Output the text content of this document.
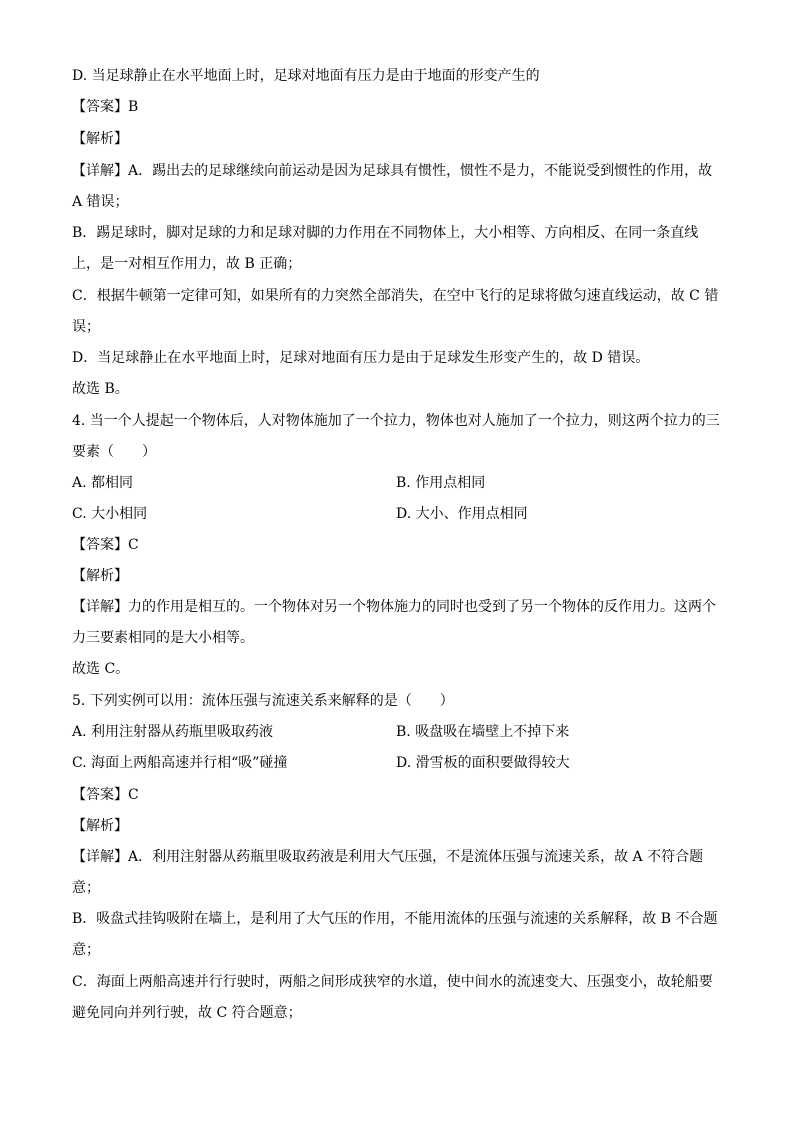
D. 当足球静止在水平地面上时，足球对地面有压力是由于地面的形变产生的
【答案】B
【解析】
【详解】A．踢出去的足球继续向前运动是因为足球具有惯性，惯性不是力，不能说受到惯性的作用，故
A 错误；
B．踢足球时，脚对足球的力和足球对脚的力作用在不同物体上，大小相等、方向相反、在同一条直线
上，是一对相互作用力，故 B 正确；
C．根据牛顿第一定律可知，如果所有的力突然全部消失，在空中飞行的足球将做匀速直线运动，故 C 错
误；
D．当足球静止在水平地面上时，足球对地面有压力是由于足球发生形变产生的，故 D 错误。
故选 B。
4. 当一个人提起一个物体后，人对物体施加了一个拉力，物体也对人施加了一个拉力，则这两个拉力的三
要素（　　）
A. 都相同	B. 作用点相同
C. 大小相同	D. 大小、作用点相同
【答案】C
【解析】
【详解】力的作用是相互的。一个物体对另一个物体施力的同时也受到了另一个物体的反作用力。这两个
力三要素相同的是大小相等。
故选 C。
5. 下列实例可以用：流体压强与流速关系来解释的是（　　）
A. 利用注射器从药瓶里吸取药液	B. 吸盘吸在墙壁上不掉下来
C. 海面上两船高速并行相“吸”碰撞	D. 滑雪板的面积要做得较大
【答案】C
【解析】
【详解】A．利用注射器从药瓶里吸取药液是利用大气压强，不是流体压强与流速关系，故 A 不符合题
意；
B．吸盘式挂钩吸附在墙上，是利用了大气压的作用，不能用流体的压强与流速的关系解释，故 B 不合题
意；
C．海面上两船高速并行行驶时，两船之间形成狭窄的水道，使中间水的流速变大、压强变小，故轮船要
避免同向并列行驶，故 C 符合题意；
